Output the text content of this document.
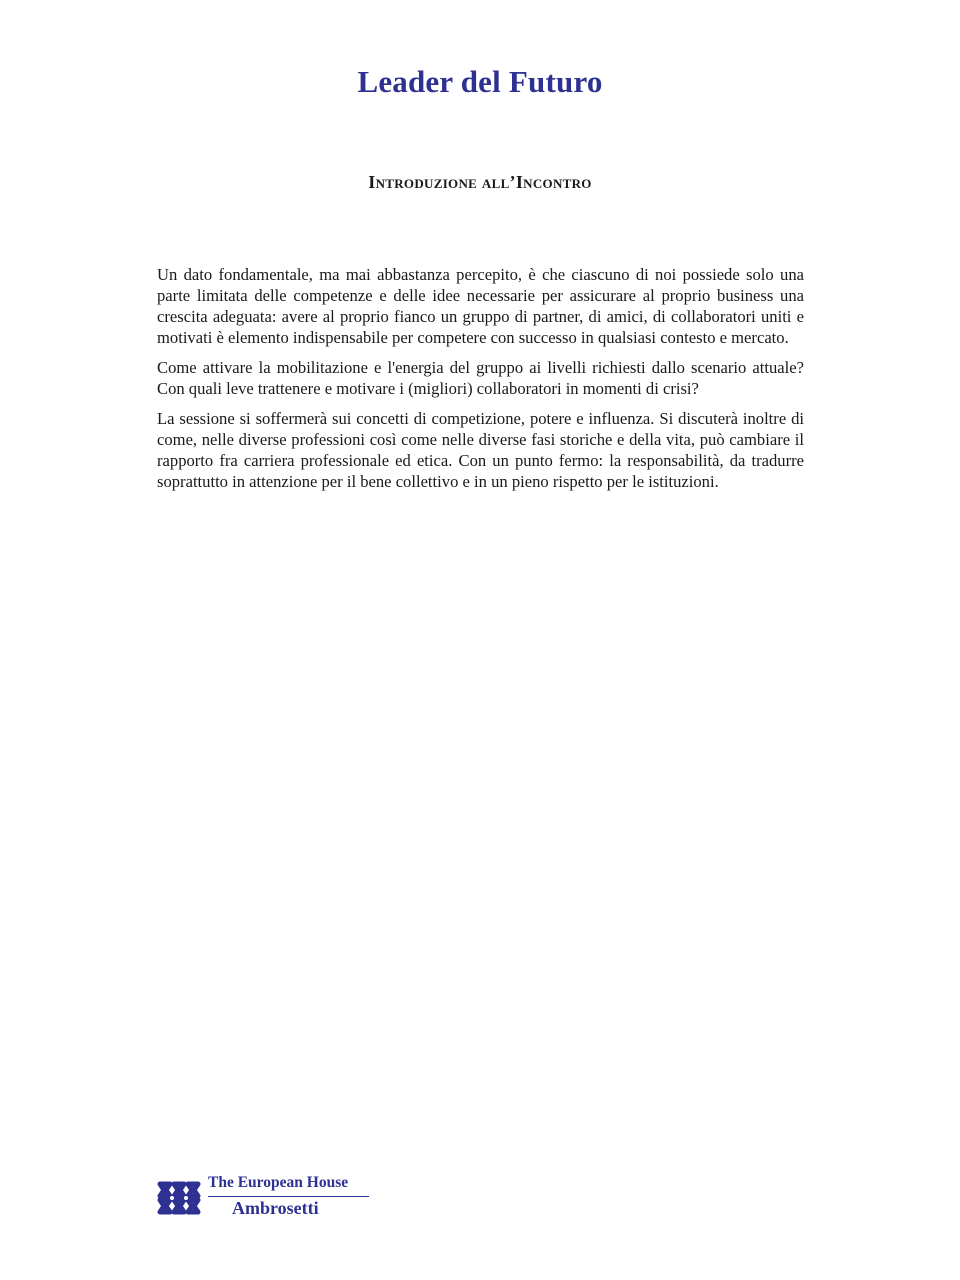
Leader del Futuro
Introduzione all’Incontro

Un dato fondamentale, ma mai abbastanza percepito, è che ciascuno di noi possiede solo una parte limitata delle competenze e delle idee necessarie per assicurare al proprio business una crescita adeguata: avere al proprio fianco un gruppo di partner, di amici, di collaboratori uniti e motivati è elemento indispensabile per competere con successo in qualsiasi contesto e mercato.

Come attivare la mobilitazione e l'energia del gruppo ai livelli richiesti dallo scenario attuale? Con quali leve trattenere e motivare i (migliori) collaboratori in momenti di crisi?

La sessione si soffermerà sui concetti di competizione, potere e influenza. Si discuterà inoltre di come, nelle diverse professioni così come nelle diverse fasi storiche e della vita, può cambiare il rapporto fra carriera professionale ed etica. Con un punto fermo: la responsabilità, da tradurre soprattutto in attenzione per il bene collettivo e in un pieno rispetto per le istituzioni.

The European House
Ambrosetti
